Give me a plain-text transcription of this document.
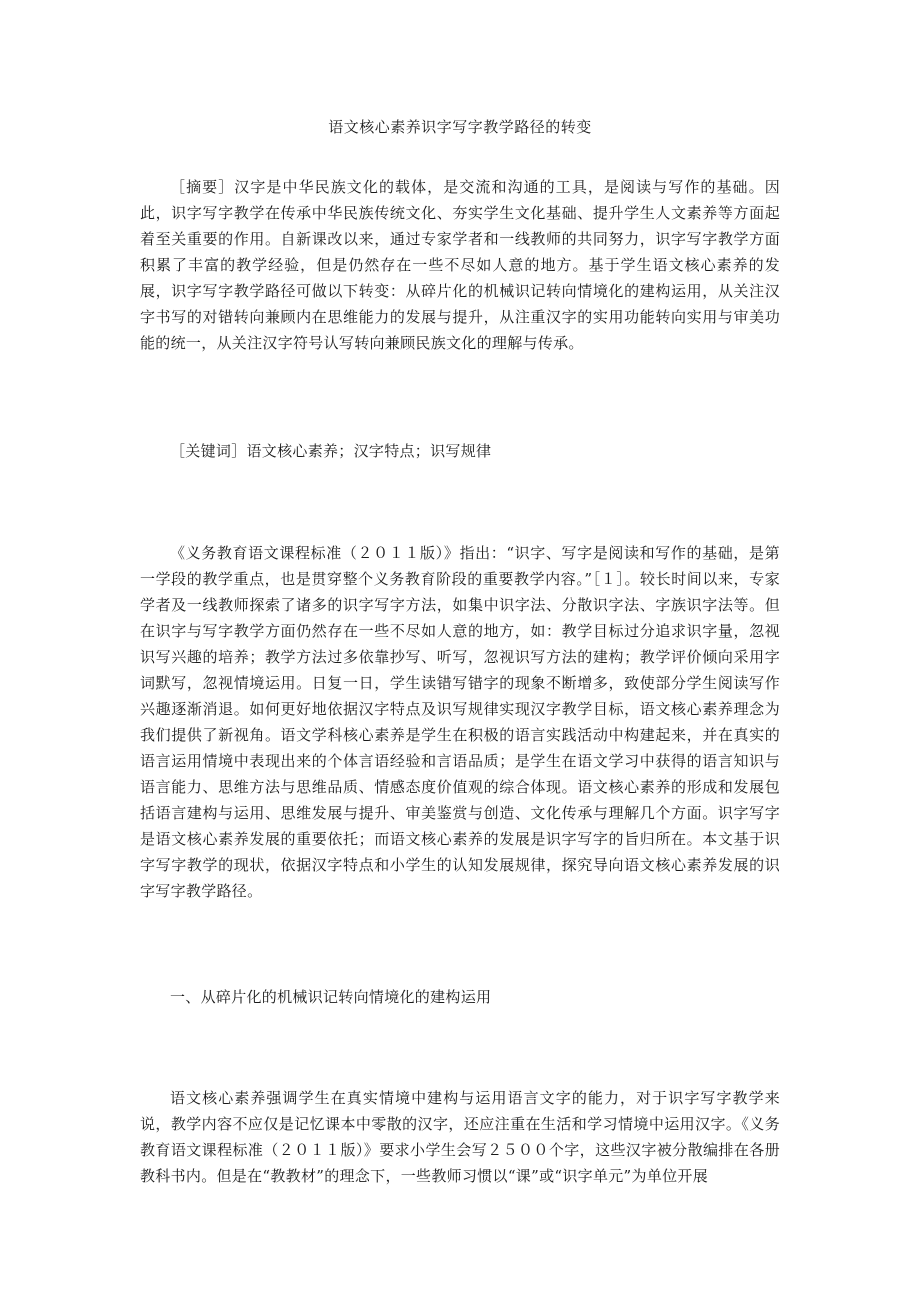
语文核心素养识字写字教学路径的转变

［摘要］汉字是中华民族文化的载体，是交流和沟通的工具，是阅读与写作的基础。因此，识字写字教学在传承中华民族传统文化、夯实学生文化基础、提升学生人文素养等方面起着至关重要的作用。自新课改以来，通过专家学者和一线教师的共同努力，识字写字教学方面积累了丰富的教学经验，但是仍然存在一些不尽如人意的地方。基于学生语文核心素养的发展，识字写字教学路径可做以下转变：从碎片化的机械识记转向情境化的建构运用，从关注汉字书写的对错转向兼顾内在思维能力的发展与提升，从注重汉字的实用功能转向实用与审美功能的统一，从关注汉字符号认写转向兼顾民族文化的理解与传承。

［关键词］语文核心素养；汉字特点；识写规律

《义务教育语文课程标准（２０１１版）》指出：“识字、写字是阅读和写作的基础，是第一学段的教学重点，也是贯穿整个义务教育阶段的重要教学内容。”［１］。较长时间以来，专家学者及一线教师探索了诸多的识字写字方法，如集中识字法、分散识字法、字族识字法等。但在识字与写字教学方面仍然存在一些不尽如人意的地方，如：教学目标过分追求识字量，忽视识写兴趣的培养；教学方法过多依靠抄写、听写，忽视识写方法的建构；教学评价倾向采用字词默写，忽视情境运用。日复一日，学生读错写错字的现象不断增多，致使部分学生阅读写作兴趣逐渐消退。如何更好地依据汉字特点及识写规律实现汉字教学目标，语文核心素养理念为我们提供了新视角。语文学科核心素养是学生在积极的语言实践活动中构建起来，并在真实的语言运用情境中表现出来的个体言语经验和言语品质；是学生在语文学习中获得的语言知识与语言能力、思维方法与思维品质、情感态度价值观的综合体现。语文核心素养的形成和发展包括语言建构与运用、思维发展与提升、审美鉴赏与创造、文化传承与理解几个方面。识字写字是语文核心素养发展的重要依托；而语文核心素养的发展是识字写字的旨归所在。本文基于识字写字教学的现状，依据汉字特点和小学生的认知发展规律，探究导向语文核心素养发展的识字写字教学路径。

一、从碎片化的机械识记转向情境化的建构运用

语文核心素养强调学生在真实情境中建构与运用语言文字的能力，对于识字写字教学来说，教学内容不应仅是记忆课本中零散的汉字，还应注重在生活和学习情境中运用汉字。《义务教育语文课程标准（２０１１版）》要求小学生会写２５００个字，这些汉字被分散编排在各册教科书内。但是在“教教材”的理念下，一些教师习惯以“课”或“识字单元”为单位开展
